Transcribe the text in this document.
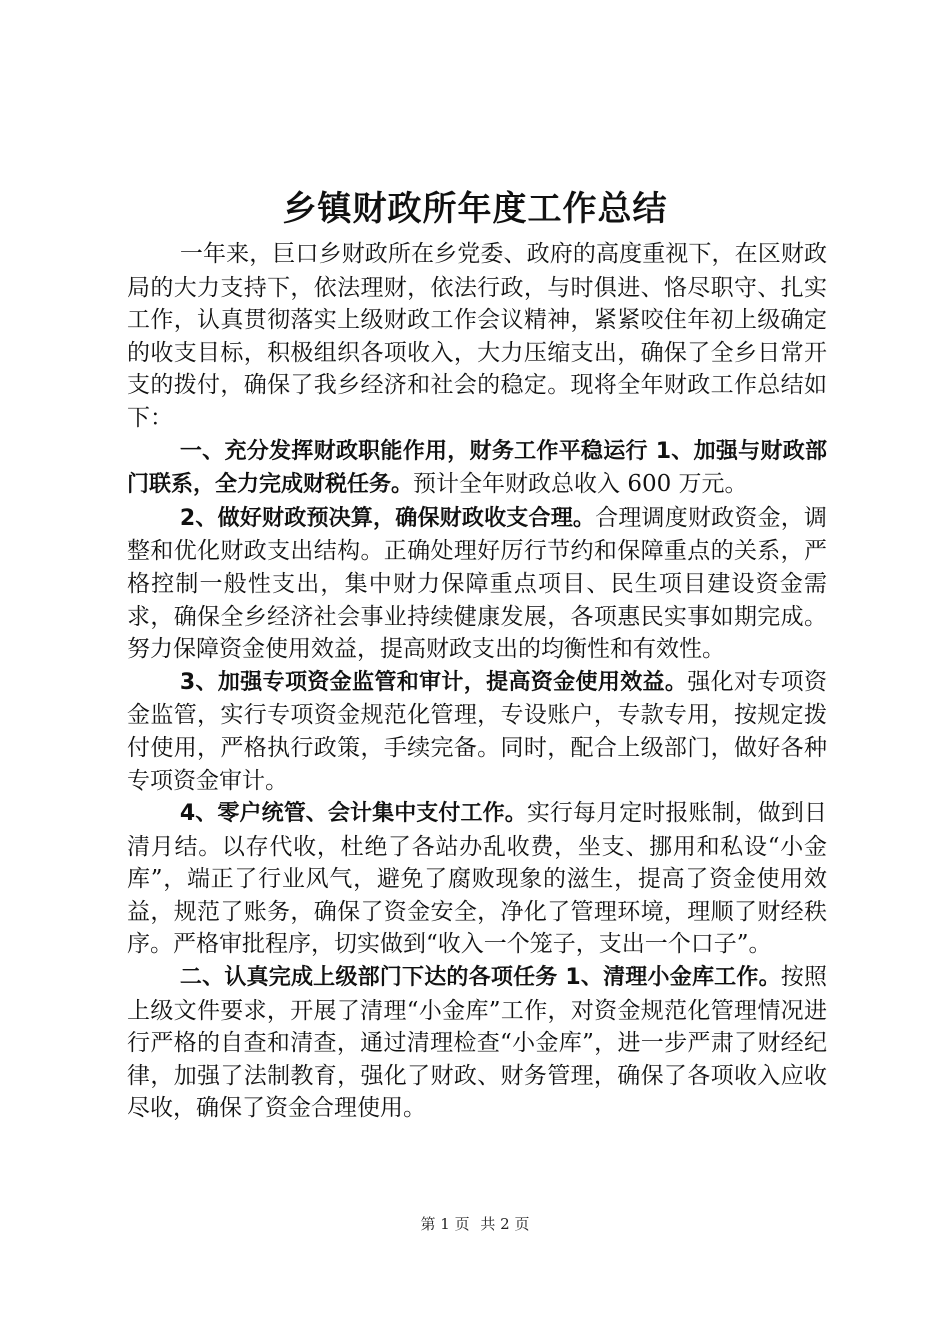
乡镇财政所年度工作总结

一年来，巨口乡财政所在乡党委、政府的高度重视下，在区财政局的大力支持下，依法理财，依法行政，与时俱进、恪尽职守、扎实工作，认真贯彻落实上级财政工作会议精神，紧紧咬住年初上级确定的收支目标，积极组织各项收入，大力压缩支出，确保了全乡日常开支的拨付，确保了我乡经济和社会的稳定。现将全年财政工作总结如下：

一、充分发挥财政职能作用，财务工作平稳运行 1、加强与财政部门联系，全力完成财税任务。预计全年财政总收入 600 万元。

2、做好财政预决算，确保财政收支合理。合理调度财政资金，调整和优化财政支出结构。正确处理好厉行节约和保障重点的关系，严格控制一般性支出，集中财力保障重点项目、民生项目建设资金需求，确保全乡经济社会事业持续健康发展，各项惠民实事如期完成。努力保障资金使用效益，提高财政支出的均衡性和有效性。

3、加强专项资金监管和审计，提高资金使用效益。强化对专项资金监管，实行专项资金规范化管理，专设账户，专款专用，按规定拨付使用，严格执行政策，手续完备。同时，配合上级部门，做好各种专项资金审计。

4、零户统管、会计集中支付工作。实行每月定时报账制，做到日清月结。以存代收，杜绝了各站办乱收费，坐支、挪用和私设“小金库”，端正了行业风气，避免了腐败现象的滋生，提高了资金使用效益，规范了账务，确保了资金安全，净化了管理环境，理顺了财经秩序。严格审批程序，切实做到“收入一个笼子，支出一个口子”。

二、认真完成上级部门下达的各项任务 1、清理小金库工作。按照上级文件要求，开展了清理“小金库”工作，对资金规范化管理情况进行严格的自查和清查，通过清理检查“小金库”，进一步严肃了财经纪律，加强了法制教育，强化了财政、财务管理，确保了各项收入应收尽收，确保了资金合理使用。

第 1 页 共 2 页
